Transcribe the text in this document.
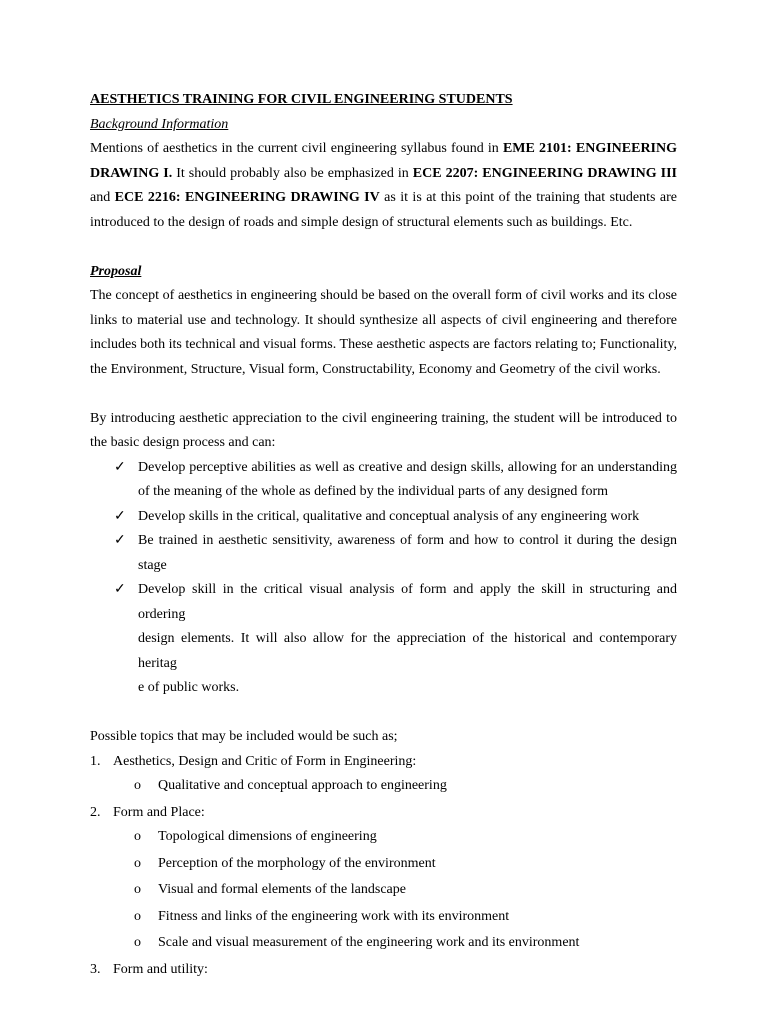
AESTHETICS TRAINING FOR CIVIL ENGINEERING STUDENTS
Background Information
Mentions of aesthetics in the current civil engineering syllabus found in EME 2101: ENGINEERING
DRAWING I. It should probably also be emphasized in ECE 2207: ENGINEERING DRAWING III
and ECE 2216: ENGINEERING DRAWING IV as it is at this point of the training that students are
introduced to the design of roads and simple design of structural elements such as buildings. Etc.
Proposal
The concept of aesthetics in engineering should be based on the overall form of civil works and its close
links to material use and technology. It should synthesize all aspects of civil engineering and therefore
includes both its technical and visual forms. These aesthetic aspects are factors relating to; Functionality,
the Environment, Structure, Visual form, Constructability, Economy and Geometry of the civil works.
By introducing aesthetic appreciation to the civil engineering training, the student will be introduced to
the basic design process and can:
✓ Develop perceptive abilities as well as creative and design skills, allowing for an understanding
of the meaning of the whole as defined by the individual parts of any designed form
✓ Develop skills in the critical, qualitative and conceptual analysis of any engineering work
✓ Be trained in aesthetic sensitivity, awareness of form and how to control it during the design
stage
✓ Develop skill in the critical visual analysis of form and apply the skill in structuring and ordering
design elements. It will also allow for the appreciation of the historical and contemporary heritag
e of public works.
Possible topics that may be included would be such as;
1. Aesthetics, Design and Critic of Form in Engineering:
o Qualitative and conceptual approach to engineering
2. Form and Place:
o Topological dimensions of engineering
o Perception of the morphology of the environment
o Visual and formal elements of the landscape
o Fitness and links of the engineering work with its environment
o Scale and visual measurement of the engineering work and its environment
3. Form and utility:
